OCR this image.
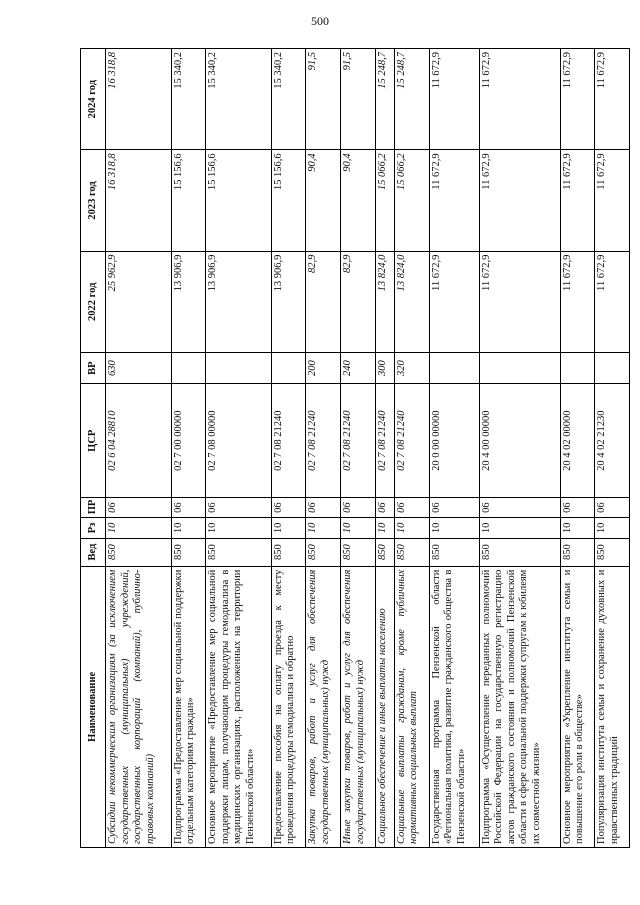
500
Наименование	Вед	Рз	ПР	ЦСР	ВР	2022 год	2023 год	2024 год
Субсидии некоммерческим организациям (за исключением государственных (муниципальных) учреждений, государственных корпораций (компаний), публично-правовых компаний)	850	10	06	02 6 04 28810	630	25 962,9	16 318,8	16 318,8
Подпрограмма «Предоставление мер социальной поддержки отдельным категориям граждан»	850	10	06	02 7 00 00000		13 906,9	15 156,6	15 340,2
Основное мероприятие «Предоставление мер социальной поддержки лицам, получающим процедуры гемодиализа в медицинских организациях, расположенных на территории Пензенской области»	850	10	06	02 7 08 00000		13 906,9	15 156,6	15 340,2
Предоставление пособия на оплату проезда к месту проведения процедуры гемодиализа и обратно	850	10	06	02 7 08 21240		13 906,9	15 156,6	15 340,2
Закупка товаров, работ и услуг для обеспечения государственных (муниципальных) нужд	850	10	06	02 7 08 21240	200	82,9	90,4	91,5
Иные закупки товаров, работ и услуг для обеспечения государственных (муниципальных) нужд	850	10	06	02 7 08 21240	240	82,9	90,4	91,5
Социальное обеспечение и иные выплаты населению	850	10	06	02 7 08 21240	300	13 824,0	15 066,2	15 248,7
Социальные выплаты гражданам, кроме публичных нормативных социальных выплат	850	10	06	02 7 08 21240	320	13 824,0	15 066,2	15 248,7
Государственная программа Пензенской области «Региональная политика, развитие гражданского общества в Пензенской области»	850	10	06	20 0 00 00000		11 672,9	11 672,9	11 672,9
Подпрограмма «Осуществление переданных полномочий Российской Федерации на государственную регистрацию актов гражданского состояния и полномочий Пензенской области в сфере социальной поддержки супругам к юбилеям их совместной жизни»	850	10	06	20 4 00 00000		11 672,9	11 672,9	11 672,9
Основное мероприятие «Укрепление института семьи и повышение его роли в обществе»	850	10	06	20 4 02 00000		11 672,9	11 672,9	11 672,9
Популяризация института семьи и сохранение духовных и нравственных традиций	850	10	06	20 4 02 21230		11 672,9	11 672,9	11 672,9
